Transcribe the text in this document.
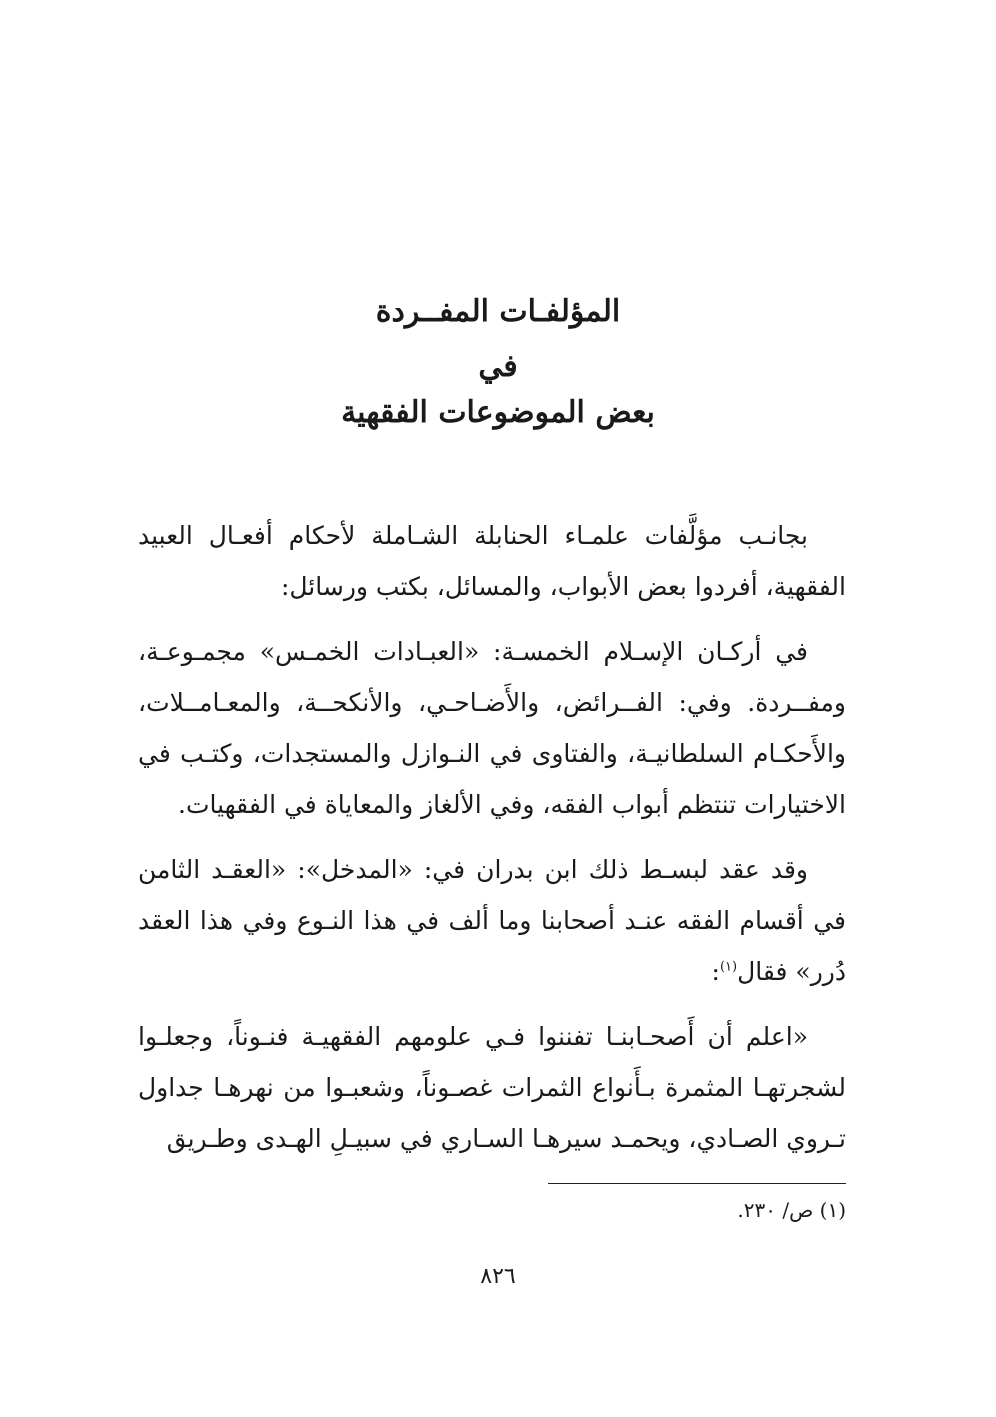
المؤلفـات المفــردة
في
بعض الموضوعات الفقهية

بجانـب مؤلَّفات علمـاء الحنابلة الشـاملة لأحكام أفعـال العبيد الفقهية، أفردوا بعض الأبواب، والمسائل، بكتب ورسائل:

في أركـان الإسـلام الخمسـة: «العبـادات الخمـس» مجمـوعـة، ومفــردة. وفي: الفــرائض، والأَضـاحـي، والأنكحــة، والمعـامــلات، والأَحكـام السلطانيـة، والفتاوى في النـوازل والمستجدات، وكتـب في الاختيارات تنتظم أبواب الفقه، وفي الألغاز والمعاياة في الفقهيات.

وقد عقد لبسـط ذلك ابن بدران في: «المدخل»: «العقـد الثامن في أقسام الفقه عنـد أصحابنا وما ألف في هذا النـوع وفي هذا العقد دُرر» فقال$^{(١)}$:

«اعلم أن أَصحـابنـا تفننوا فـي علومهم الفقهيـة فنـوناً، وجعلـوا لشجرتهـا المثمرة بـأَنواع الثمرات غصـوناً، وشعبـوا من نهرهـا جداول تـروي الصـادي، ويحمـد سيرهـا السـاري في سبيـلِ الهـدى وطـريق

(١) ص/ ٢٣٠.
٨٢٦
